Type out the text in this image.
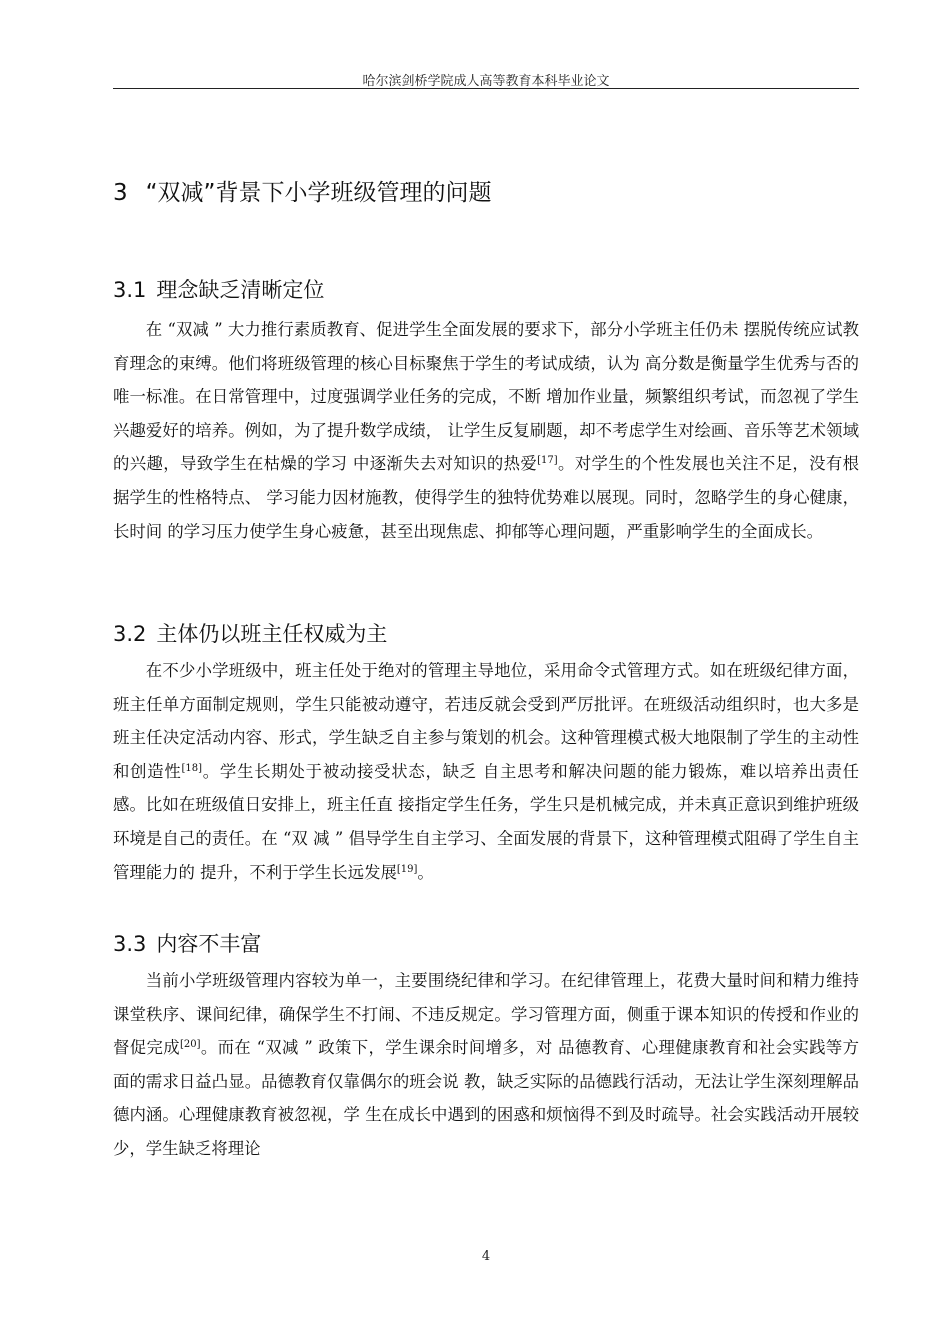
哈尔滨剑桥学院成人高等教育本科毕业论文
3 “双减”背景下小学班级管理的问题
3.1 理念缺乏清晰定位

在 “双减 ” 大力推行素质教育、促进学生全面发展的要求下，部分小学班主任仍未 摆脱传统应试教育理念的束缚。他们将班级管理的核心目标聚焦于学生的考试成绩，认为 高分数是衡量学生优秀与否的唯一标准。在日常管理中，过度强调学业任务的完成，不断 增加作业量，频繁组织考试，而忽视了学生兴趣爱好的培养。例如，为了提升数学成绩， 让学生反复刷题，却不考虑学生对绘画、音乐等艺术领域的兴趣，导致学生在枯燥的学习 中逐渐失去对知识的热爱[17]。对学生的个性发展也关注不足，没有根据学生的性格特点、 学习能力因材施教，使得学生的独特优势难以展现。同时，忽略学生的身心健康，长时间 的学习压力使学生身心疲惫，甚至出现焦虑、抑郁等心理问题，严重影响学生的全面成长。

3.2 主体仍以班主任权威为主

在不少小学班级中，班主任处于绝对的管理主导地位，采用命令式管理方式。如在班级纪律方面，班主任单方面制定规则，学生只能被动遵守，若违反就会受到严厉批评。在班级活动组织时，也大多是班主任决定活动内容、形式，学生缺乏自主参与策划的机会。这种管理模式极大地限制了学生的主动性和创造性[18]。学生长期处于被动接受状态，缺乏 自主思考和解决问题的能力锻炼，难以培养出责任感。比如在班级值日安排上，班主任直 接指定学生任务，学生只是机械完成，并未真正意识到维护班级环境是自己的责任。在 “双 减 ” 倡导学生自主学习、全面发展的背景下，这种管理模式阻碍了学生自主管理能力的 提升，不利于学生长远发展[19]。

3.3 内容不丰富

当前小学班级管理内容较为单一，主要围绕纪律和学习。在纪律管理上，花费大量时间和精力维持课堂秩序、课间纪律，确保学生不打闹、不违反规定。学习管理方面，侧重于课本知识的传授和作业的督促完成[20]。而在 “双减 ” 政策下，学生课余时间增多，对 品德教育、心理健康教育和社会实践等方面的需求日益凸显。品德教育仅靠偶尔的班会说 教，缺乏实际的品德践行活动，无法让学生深刻理解品德内涵。心理健康教育被忽视，学 生在成长中遇到的困惑和烦恼得不到及时疏导。社会实践活动开展较少，学生缺乏将理论

4
